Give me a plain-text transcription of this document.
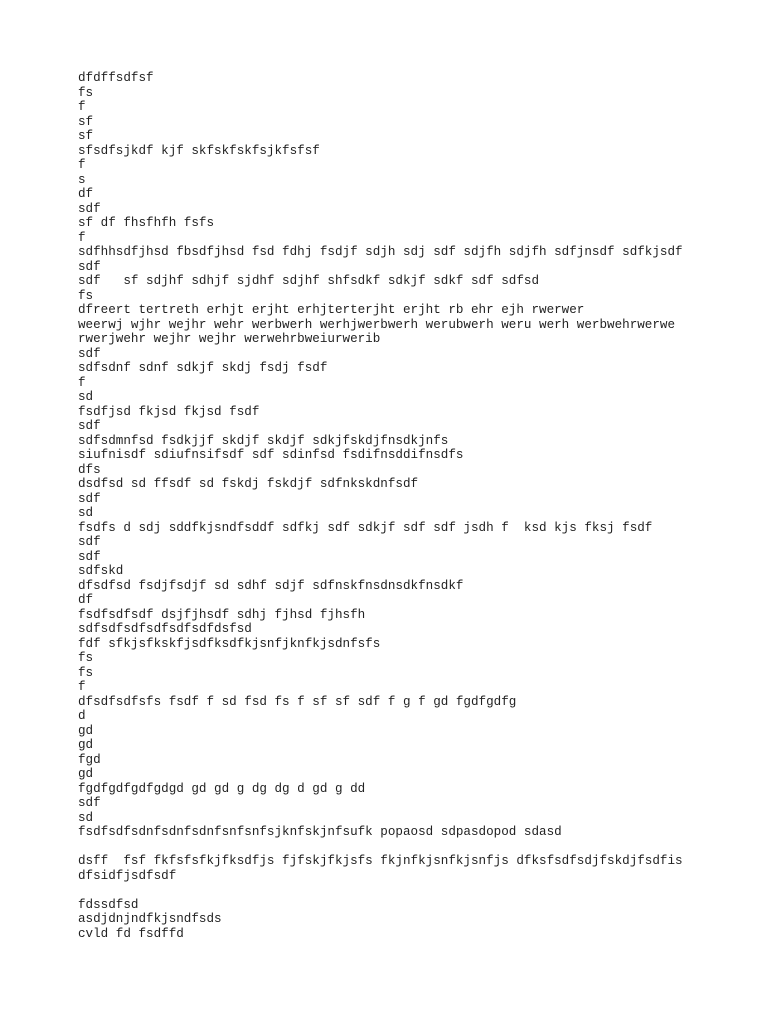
dfdffsdfsf
fs
f
sf
sf
sfsdfsjkdf kjf skfskfskfsjkfsfsf
f
s
df
sdf
sf df fhsfhfh fsfs
f
sdfhhsdfjhsd fbsdfjhsd fsd fdhj fsdjf sdjh sdj sdf sdjfh sdjfh sdfjnsdf sdfkjsdf
sdf
sdf   sf sdjhf sdhjf sjdhf sdjhf shfsdkf sdkjf sdkf sdf sdfsd
fs
dfreert tertreth erhjt erjht erhjterterjht erjht rb ehr ejh rwerwer
weerwj wjhr wejhr wehr werbwerh werhjwerbwerh werubwerh weru werh werbwehrwerwe
rwerjwehr wejhr wejhr werwehrbweiurwerib
sdf
sdfsdnf sdnf sdkjf skdj fsdj fsdf
f
sd
fsdfjsd fkjsd fkjsd fsdf
sdf
sdfsdmnfsd fsdkjjf skdjf skdjf sdkjfskdjfnsdkjnfs
siufnisdf sdiufnsifsdf sdf sdinfsd fsdifnsddifnsdfs
dfs
dsdfsd sd ffsdf sd fskdj fskdjf sdfnkskdnfsdf
sdf
sd
fsdfs d sdj sddfkjsndfsddf sdfkj sdf sdkjf sdf sdf jsdh f  ksd kjs fksj fsdf
sdf
sdf
sdfskd
dfsdfsd fsdjfsdjf sd sdhf sdjf sdfnskfnsdnsdkfnsdkf
df
fsdfsdfsdf dsjfjhsdf sdhj fjhsd fjhsfh
sdfsdfsdfsdfsdfsdfdsfsd
fdf sfkjsfkskfjsdfksdfkjsnfjknfkjsdnfsfs
fs
fs
f
dfsdfsdfsfs fsdf f sd fsd fs f sf sf sdf f g f gd fgdfgdfg
d
gd
gd
fgd
gd
fgdfgdfgdfgdgd gd gd g dg dg d gd g dd
sdf
sd
fsdfsdfsdnfsdnfsdnfsnfsnfsjknfskjnfsufk popaosd sdpasdopod sdasd
dsff  fsf fkfsfsfkjfksdfjs fjfskjfkjsfs fkjnfkjsnfkjsnfjs dfksfsdfsdjfskdjfsdfis
dfsidfjsdfsdf
fdssdfsd
asdjdnjndfkjsndfsds
cvld fd fsdffd
